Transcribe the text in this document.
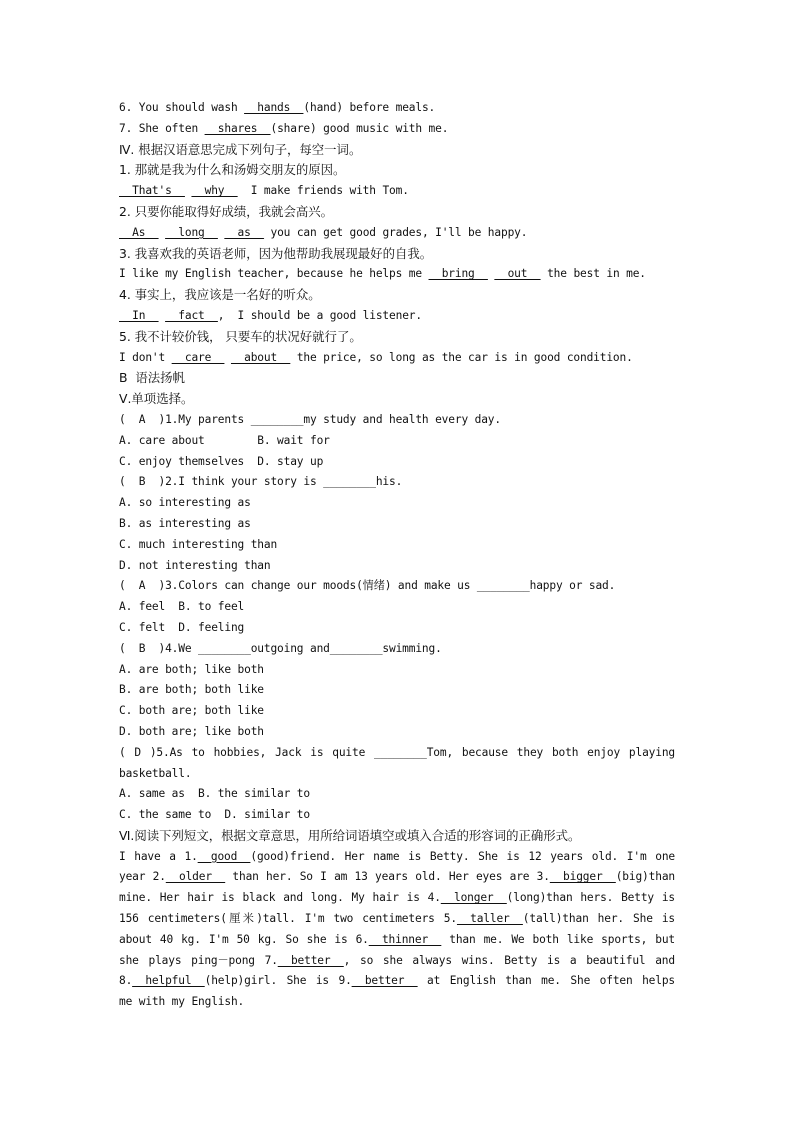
6. You should wash __hands__(hand) before meals.
7. She often __shares__(share) good music with me.
Ⅳ. 根据汉语意思完成下列句子，每空一词。
1. 那就是我为什么和汤姆交朋友的原因。
__That's__ __why__  I make friends with Tom.
2. 只要你能取得好成绩，我就会高兴。
__As__ __long__ __as__ you can get good grades, I'll be happy.
3. 我喜欢我的英语老师，因为他帮助我展现最好的自我。
I like my English teacher, because he helps me __bring__ __out__ the best in me.
4. 事实上，我应该是一名好的听众。
__In__ __fact__,  I should be a good listener.
5. 我不计较价钱， 只要车的状况好就行了。
I don't __care__ __about__ the price, so long as the car is in good condition.
B  语法扬帆
Ⅴ.单项选择。
(  A  )1.My parents ________my study and health every day.
A. care about        B. wait for
C. enjoy themselves  D. stay up
(  B  )2.I think your story is ________his.
A. so interesting as
B. as interesting as
C. much interesting than
D. not interesting than
(  A  )3.Colors can change our moods(情绪) and make us ________happy or sad.
A. feel  B. to feel
C. felt  D. feeling
(  B  )4.We ________outgoing and________swimming.
A. are both; like both
B. are both; both like
C. both are; both like
D. both are; like both
( D )5.As to hobbies, Jack is quite ________Tom, because they both enjoy playing
basketball.
A. same as  B. the similar to
C. the same to  D. similar to
Ⅵ.阅读下列短文，根据文章意思，用所给词语填空或填入合适的形容词的正确形式。
I have a 1.__good__(good)friend. Her name is Betty. She is 12 years old. I'm one
year 2.__older__ than her. So I am 13 years old. Her eyes are 3.__bigger__(big)than
mine. Her hair is black and long. My hair is 4.__longer__(long)than hers. Betty is
156 centimeters(厘米)tall. I'm two centimeters 5.__taller__(tall)than her. She is
about 40 kg. I'm 50 kg. So she is 6.__thinner__ than me. We both like sports, but
she plays ping－pong 7.__better__, so she always wins. Betty is a beautiful and
8.__helpful__(help)girl. She is 9.__better__ at English than me. She often helps
me with my English.
